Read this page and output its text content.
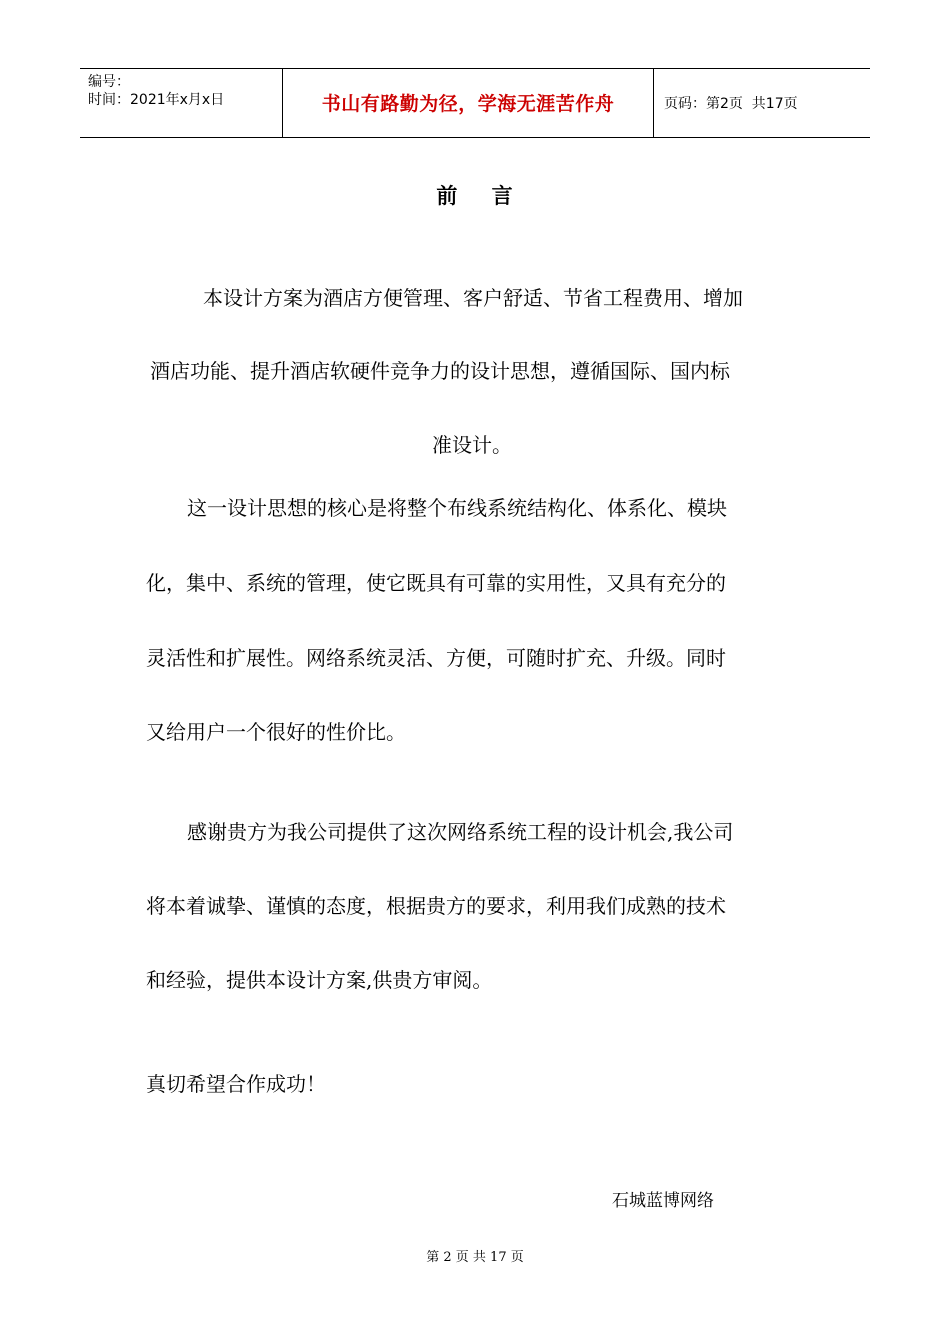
编号：
时间：2021年x月x日	书山有路勤为径，学海无涯苦作舟	页码：第2页  共17页
前    言
本设计方案为酒店方便管理、客户舒适、节省工程费用、增加
酒店功能、提升酒店软硬件竞争力的设计思想，遵循国际、国内标
准设计。
这一设计思想的核心是将整个布线系统结构化、体系化、模块
化，集中、系统的管理，使它既具有可靠的实用性，又具有充分的
灵活性和扩展性。网络系统灵活、方便，可随时扩充、升级。同时
又给用户一个很好的性价比。
感谢贵方为我公司提供了这次网络系统工程的设计机会,我公司
将本着诚挚、谨慎的态度，根据贵方的要求，利用我们成熟的技术
和经验，提供本设计方案,供贵方审阅。
真切希望合作成功！
石城蓝博网络
第 2 页 共 17 页
